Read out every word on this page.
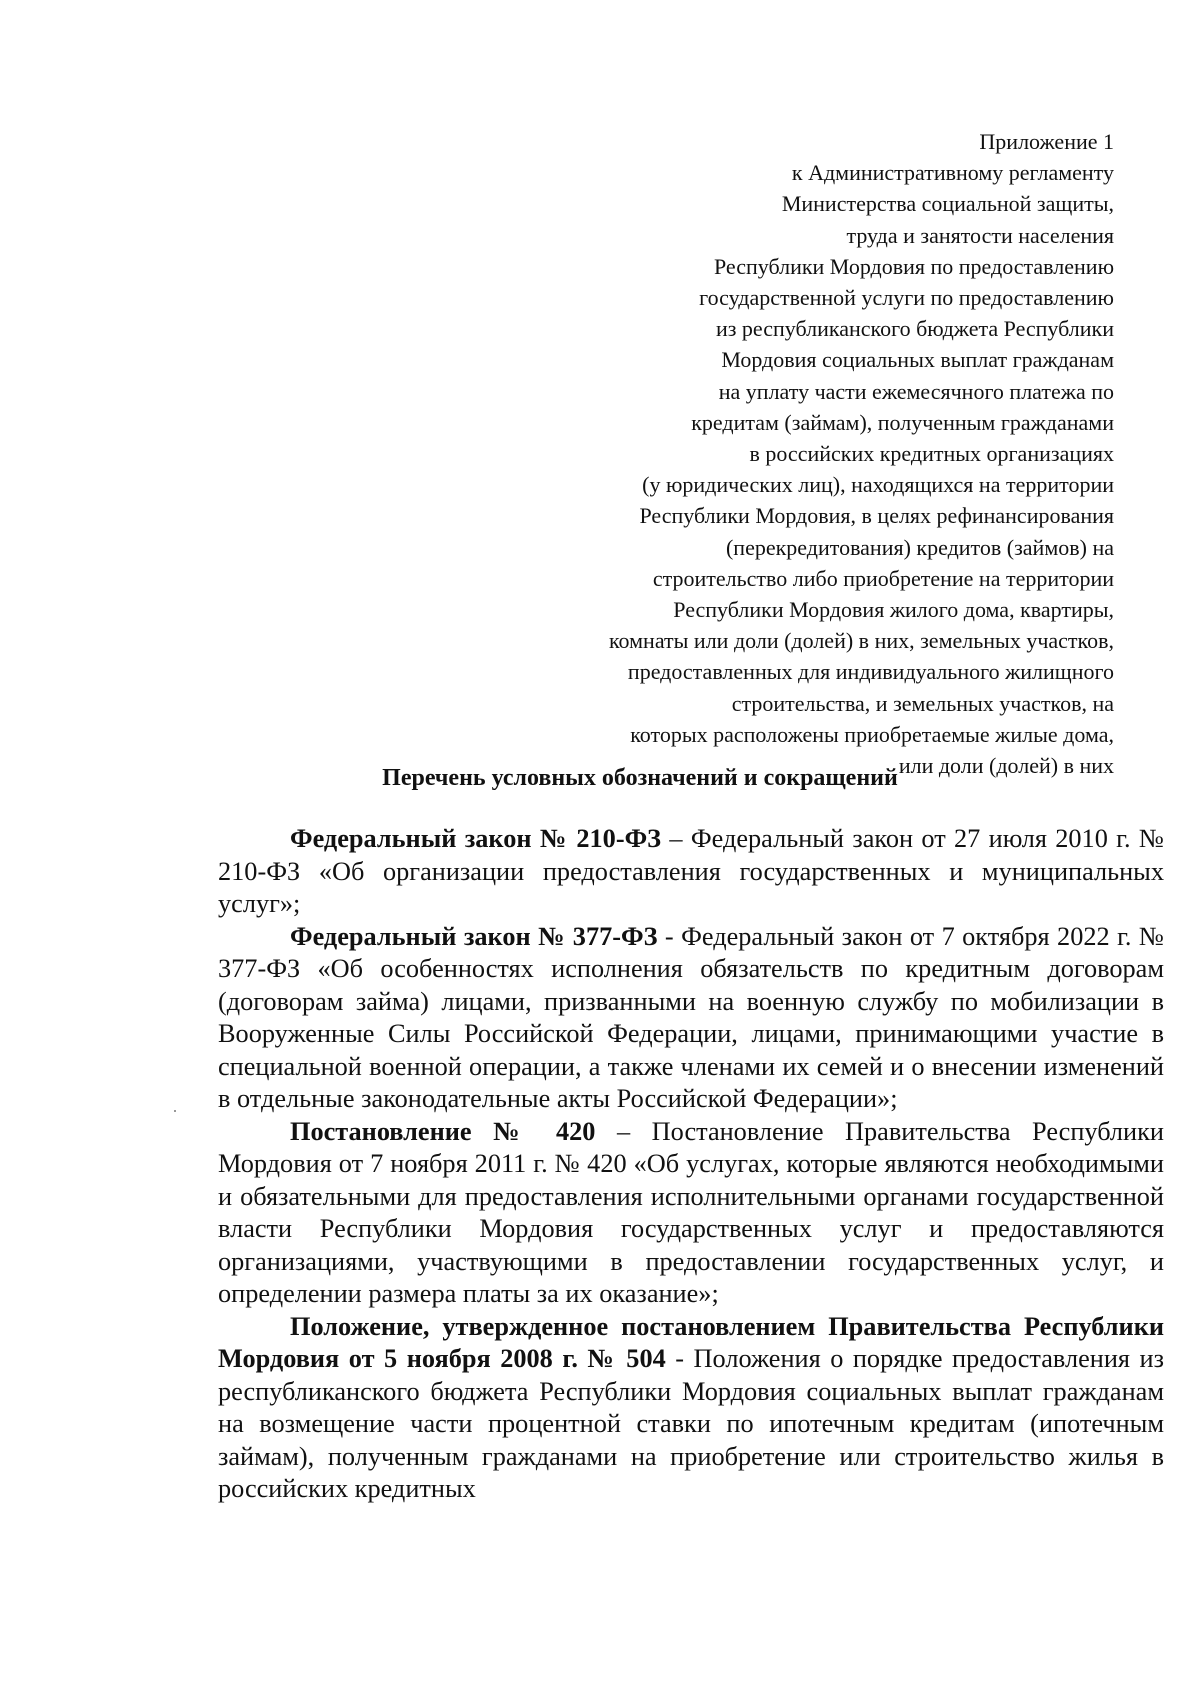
Приложение 1
к Административному регламенту
Министерства социальной защиты,
труда и занятости населения
Республики Мордовия по предоставлению
государственной услуги по предоставлению
из республиканского бюджета Республики
Мордовия социальных выплат гражданам
на уплату части ежемесячного платежа по
кредитам (займам), полученным гражданами
в российских кредитных организациях
(у юридических лиц), находящихся на территории
Республики Мордовия, в целях рефинансирования
(перекредитования) кредитов (займов) на
строительство либо приобретение на территории
Республики Мордовия жилого дома, квартиры,
комнаты или доли (долей) в них, земельных участков,
предоставленных для индивидуального жилищного
строительства, и земельных участков, на
которых расположены приобретаемые жилые дома,
или доли (долей) в них
Перечень условных обозначений и сокращений

Федеральный закон № 210-ФЗ – Федеральный закон от 27 июля 2010 г. № 210-ФЗ «Об организации предоставления государственных и муниципальных услуг»;

Федеральный закон № 377-ФЗ - Федеральный закон от 7 октября 2022 г. № 377-ФЗ «Об особенностях исполнения обязательств по кредитным договорам (договорам займа) лицами, призванными на военную службу по мобилизации в Вооруженные Силы Российской Федерации, лицами, принимающими участие в специальной военной операции, а также членами их семей и о внесении изменений в отдельные законодательные акты Российской Федерации»;

Постановление № 420 – Постановление Правительства Республики Мордовия от 7 ноября 2011 г. № 420 «Об услугах, которые являются необходимыми и обязательными для предоставления исполнительными органами государственной власти Республики Мордовия государственных услуг и предоставляются организациями, участвующими в предоставлении государственных услуг, и определении размера платы за их оказание»;

Положение, утвержденное постановлением Правительства Республики Мордовия от 5 ноября 2008 г. № 504 - Положения о порядке предоставления из республиканского бюджета Республики Мордовия социальных выплат гражданам на возмещение части процентной ставки по ипотечным кредитам (ипотечным займам), полученным гражданами на приобретение или строительство жилья в российских кредитных
